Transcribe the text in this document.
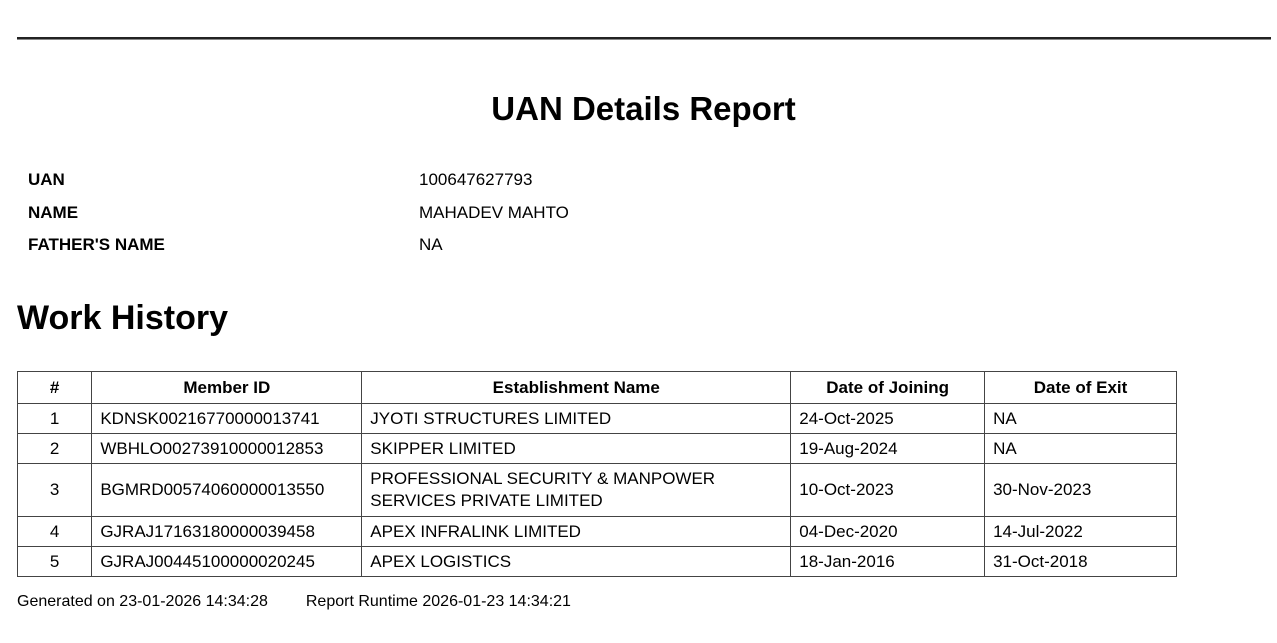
UAN Details Report
UAN	100647627793
NAME	MAHADEV MAHTO
FATHER'S NAME	NA
Work History
#	Member ID	Establishment Name	Date of Joining	Date of Exit
1	KDNSK00216770000013741	JYOTI STRUCTURES LIMITED	24-Oct-2025	NA
2	WBHLO00273910000012853	SKIPPER LIMITED	19-Aug-2024	NA
3	BGMRD00574060000013550	PROFESSIONAL SECURITY & MANPOWER SERVICES PRIVATE LIMITED	10-Oct-2023	30-Nov-2023
4	GJRAJ17163180000039458	APEX INFRALINK LIMITED	04-Dec-2020	14-Jul-2022
5	GJRAJ00445100000020245	APEX LOGISTICS	18-Jan-2016	31-Oct-2018
Generated on 23-01-2026 14:34:28 Report Runtime 2026-01-23 14:34:21
